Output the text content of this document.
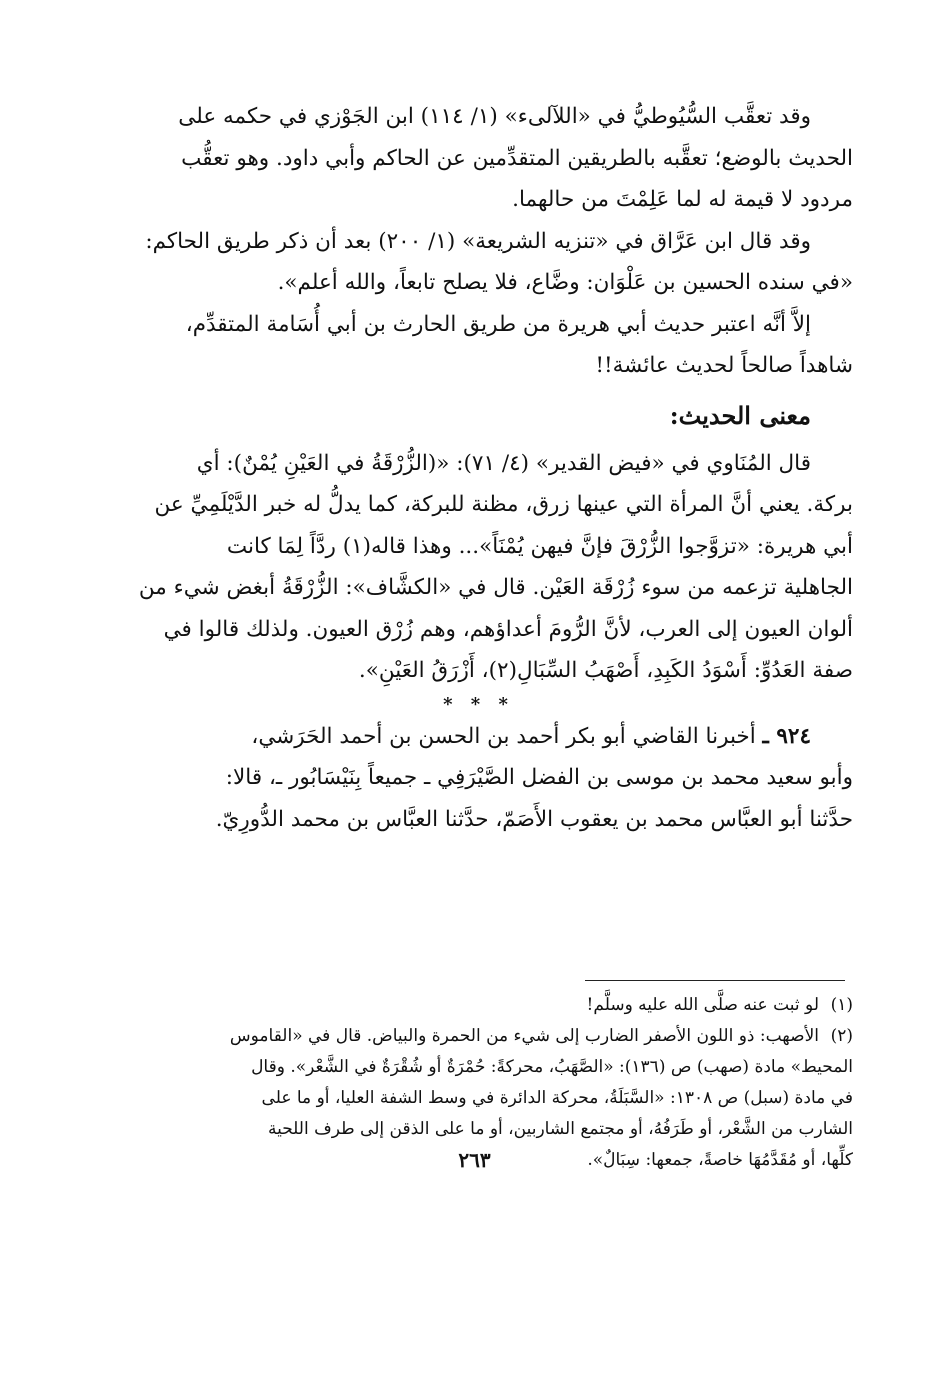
وقد تعقَّب السُّيُوطيُّ في «اللآلىء» (١/ ١١٤) ابن الجَوْزي في حكمه على

الحديث بالوضع؛ تعقَّبه بالطريقين المتقدِّمين عن الحاكم وأبي داود. وهو تعقُّب
مردود لا قيمة له لما عَلِمْتَ من حالهما.

وقد قال ابن عَرَّاق في «تنزيه الشريعة» (١/ ٢٠٠) بعد أن ذكر طريق الحاكم:

«في سنده الحسين بن عَلْوَان: وضَّاع، فلا يصلح تابعاً، والله أعلم».

إلاَّ أنَّه اعتبر حديث أبي هريرة من طريق الحارث بن أبي أُسَامة المتقدِّم،

شاهداً صالحاً لحديث عائشة!!

معنى الحديث:

قال المُنَاوي في «فيض القدير» (٤/ ٧١): «(الزُّرْقَةُ في العَيْنِ يُمْنٌ): أي

بركة. يعني أنَّ المرأة التي عينها زرق، مظنة للبركة، كما يدلُّ له خبر الدَّيْلَمِيِّ عن
أبي هريرة: «تزوَّجوا الزُّرْقَ فإنَّ فيهن يُمْنَاً»... وهذا قاله(١) ردَّاً لِمَا كانت
الجاهلية تزعمه من سوء زُرْقَة العَيْن. قال في «الكشَّاف»: الزُّرْقَةُ أبغض شيء من
ألوان العيون إلى العرب، لأنَّ الرُّومَ أعداؤهم، وهم زُرْق العيون. ولذلك قالوا في
صفة العَدُوِّ: أَسْوَدُ الكَبِدِ، أَصْهَبُ السِّبَالِ(٢)، أَزْرَقُ العَيْنِ».

* * *

٩٢٤ ـ أخبرنا القاضي أبو بكر أحمد بن الحسن بن أحمد الحَرَشي،

وأبو سعيد محمد بن موسى بن الفضل الصَّيْرَفِي ـ جميعاً بِنَيْسَابُور ـ، قالا:
حدَّثنا أبو العبَّاس محمد بن يعقوب الأَصَمّ، حدَّثنا العبَّاس بن محمد الدُّورِيّ.

(١)لو ثبت عنه صلَّى الله عليه وسلَّم!

(٢)الأصهب: ذو اللون الأصفر الضارب إلى شيء من الحمرة والبياض. قال في «القاموس
المحيط» مادة (صهب) ص (١٣٦): «الصَّهَبُ، محركةً: حُمْرَةٌ أو شُقْرَةٌ في الشَّعْر». وقال
في مادة (سبل) ص ١٣٠٨: «السَّبَلَةُ، محركة الدائرة في وسط الشفة العليا، أو ما على
الشارب من الشَّعْر، أو طَرَفُهُ، أو مجتمع الشاربين، أو ما على الذقن إلى طرف اللحية
كلِّها، أو مُقَدَّمُهَا خاصةً، جمعها: سِبَالٌ».

٢٦٣
